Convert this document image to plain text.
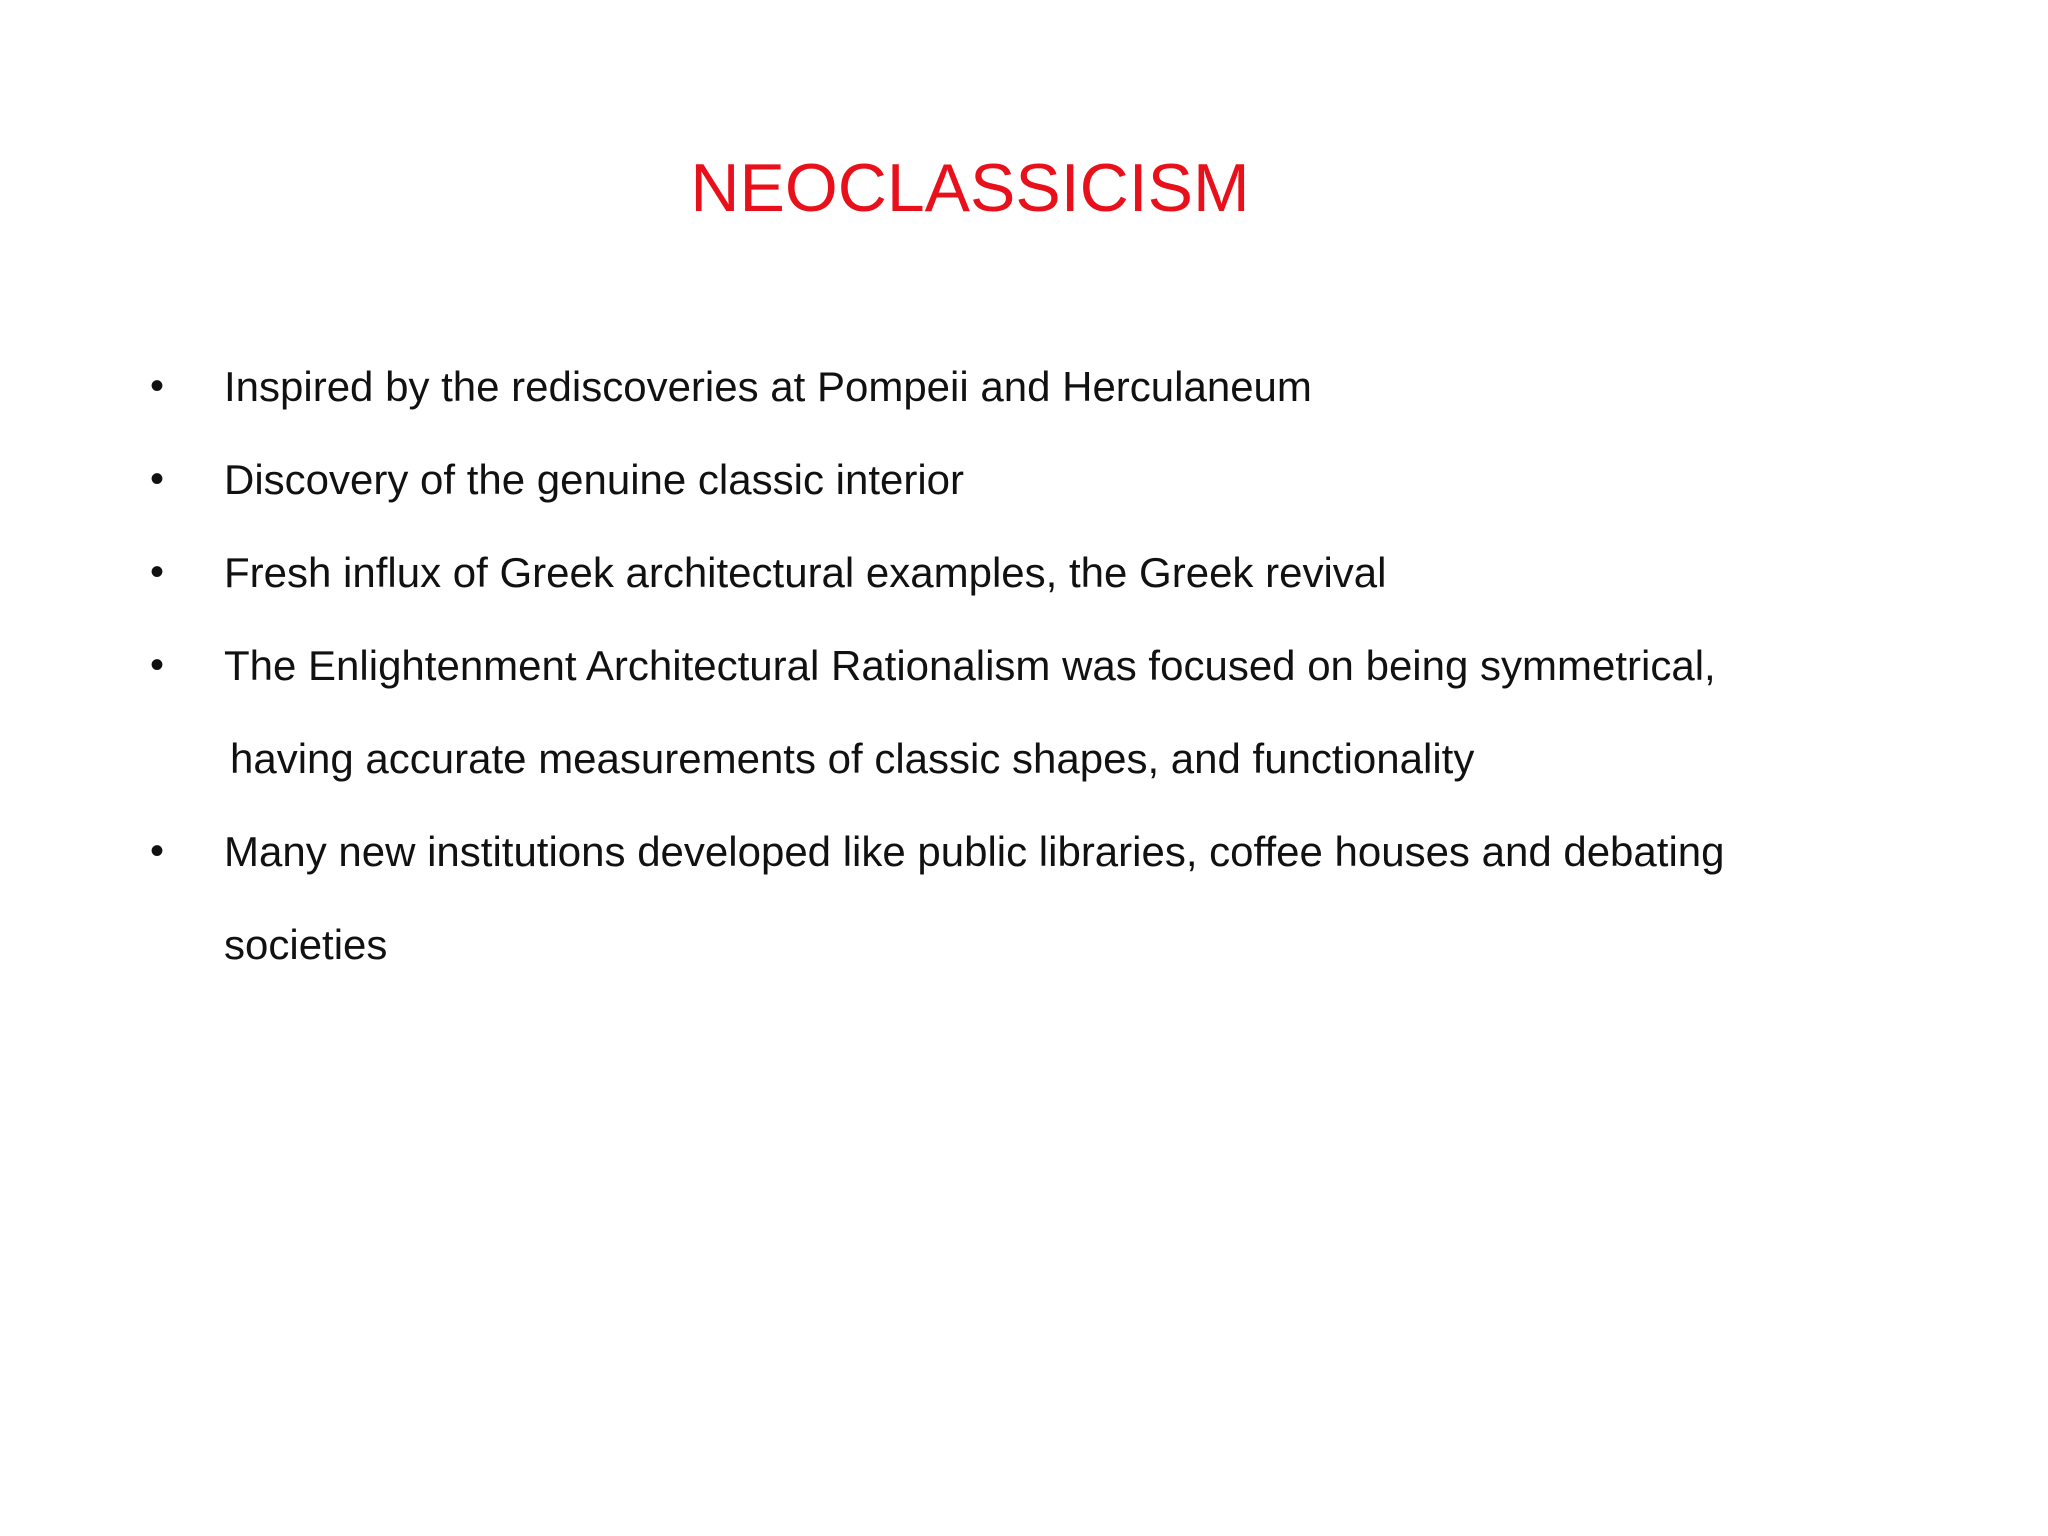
NEOCLASSICISM
•	Inspired by the rediscoveries at Pompeii and Herculaneum
•	Discovery of the genuine classic interior
•	Fresh influx of Greek architectural examples, the Greek revival
•	The Enlightenment Architectural Rationalism was focused on being symmetrical,
having accurate measurements of classic shapes, and functionality
•	Many new institutions developed like public libraries, coffee houses and debating
societies
